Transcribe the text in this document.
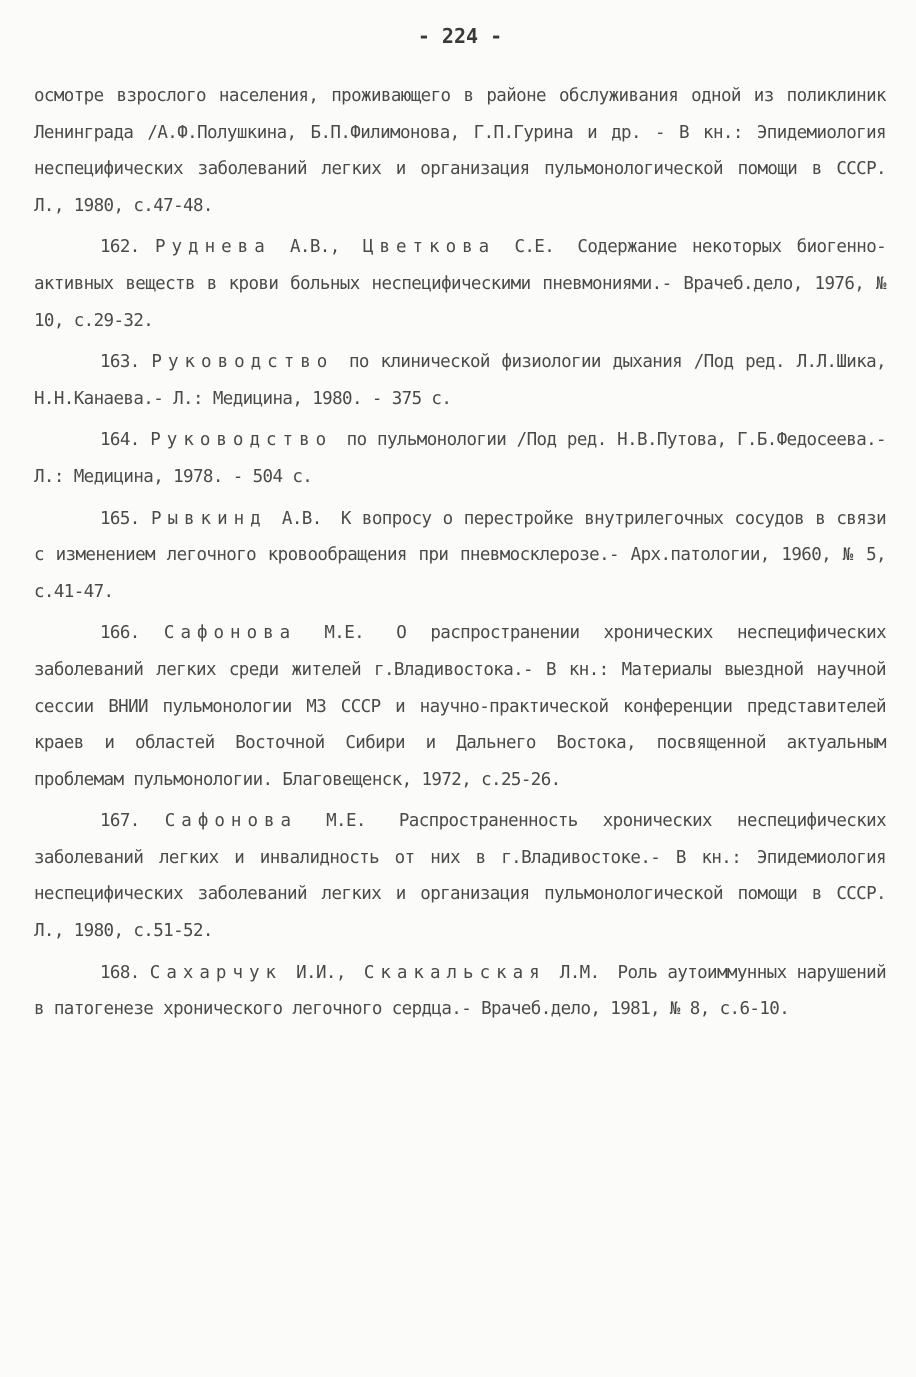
- 224 -

осмотре взрослого населения, проживающего в районе обслуживания одной из поликлиник Ленинграда /А.Ф.Полушкина, Б.П.Филимонова, Г.П.Гурина и др. - В кн.: Эпидемиология неспецифических заболеваний легких и организация пульмонологической помощи в СССР. Л., 1980, с.47-48.

162. Руднева А.В., Цветкова С.Е. Содержание некоторых биогенно-активных веществ в крови больных неспецифическими пневмониями.- Врачеб.дело, 1976, № 10, с.29-32.

163. Руководство по клинической физиологии дыхания /Под ред. Л.Л.Шика, Н.Н.Канаева.- Л.: Медицина, 1980. - 375 с.

164. Руководство по пульмонологии /Под ред. Н.В.Путова, Г.Б.Федосеева.- Л.: Медицина, 1978. - 504 с.

165. Рывкинд А.В. К вопросу о перестройке внутрилегочных сосудов в связи с изменением легочного кровообращения при пневмосклерозе.- Арх.патологии, 1960, № 5, с.41-47.

166. Сафонова М.Е. О распространении хронических неспецифических заболеваний легких среди жителей г.Владивостока.- В кн.: Материалы выездной научной сессии ВНИИ пульмонологии МЗ СССР и научно-практической конференции представителей краев и областей Восточной Сибири и Дальнего Востока, посвященной актуальным проблемам пульмонологии. Благовещенск, 1972, с.25-26.

167. Сафонова М.Е. Распространенность хронических неспецифических заболеваний легких и инвалидность от них в г.Владивостоке.- В кн.: Эпидемиология неспецифических заболеваний легких и организация пульмонологической помощи в СССР. Л., 1980, с.51-52.

168. Сахарчук И.И., Скакальская Л.М. Роль аутоиммунных нарушений в патогенезе хронического легочного сердца.- Врачеб.дело, 1981, № 8, с.6-10.
